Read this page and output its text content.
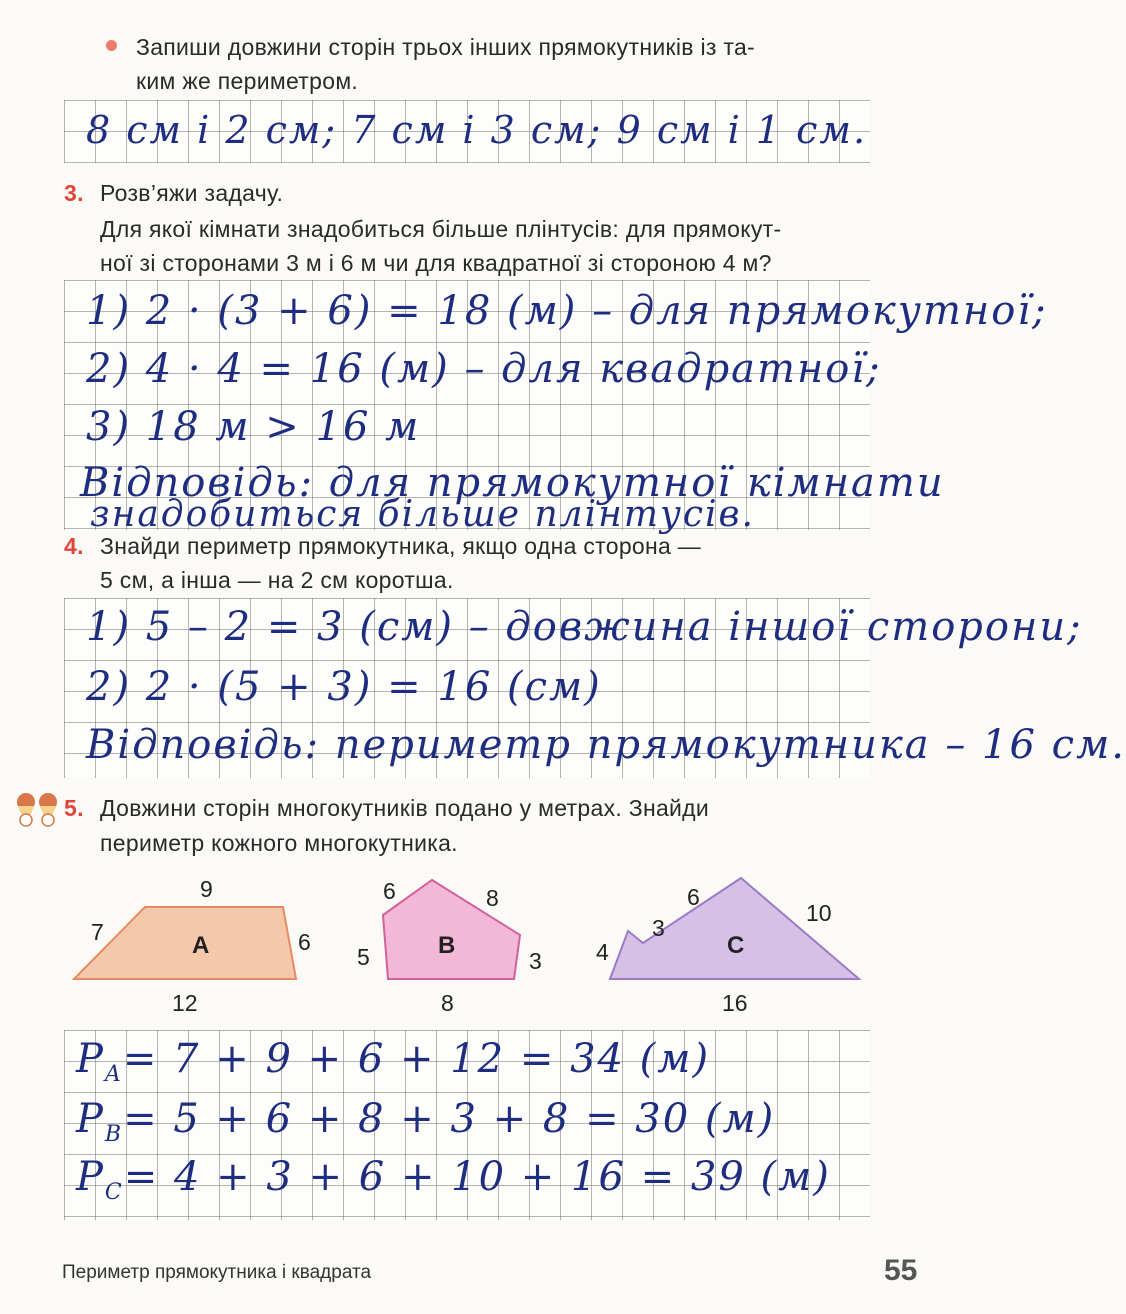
Запиши довжини сторін трьох інших прямокутників із та-
ким же периметром.
8 см і 2 см; 7 см і 3 см; 9 см і 1 см.
3. Розв’яжи задачу.
Для якої кімнати знадобиться більше плінтусів: для прямокут-
ної зі сторонами 3 м і 6 м чи для квадратної зі стороною 4 м?
1) 2 · (3 + 6) = 18 (м) – для прямокутної;
2) 4 · 4 = 16 (м) – для квадратної;
3) 18 м > 16 м
Відповідь: для прямокутної кімнати
знадобиться більше плінтусів.
4. Знайди периметр прямокутника, якщо одна сторона —
5 см, а інша — на 2 см коротша.
1) 5 – 2 = 3 (см) – довжина іншої сторони;
2) 2 · (5 + 3) = 16 (см)
Відповідь: периметр прямокутника – 16 см.
5. Довжини сторін многокутників подано у метрах. Знайди
периметр кожного многокутника.
A
9
7	6
12
B
6	8
5	3
8
C
6
3
10
4
16
$P_A= 7 + 9 + 6 + 12 = 34$ (м)
$P_B= 5 + 6 + 8 + 3 + 8 = 30$ (м)
$P_C= 4 + 3 + 6 + 10 + 16 = 39$ (м)
Периметр прямокутника і квадрата	55
